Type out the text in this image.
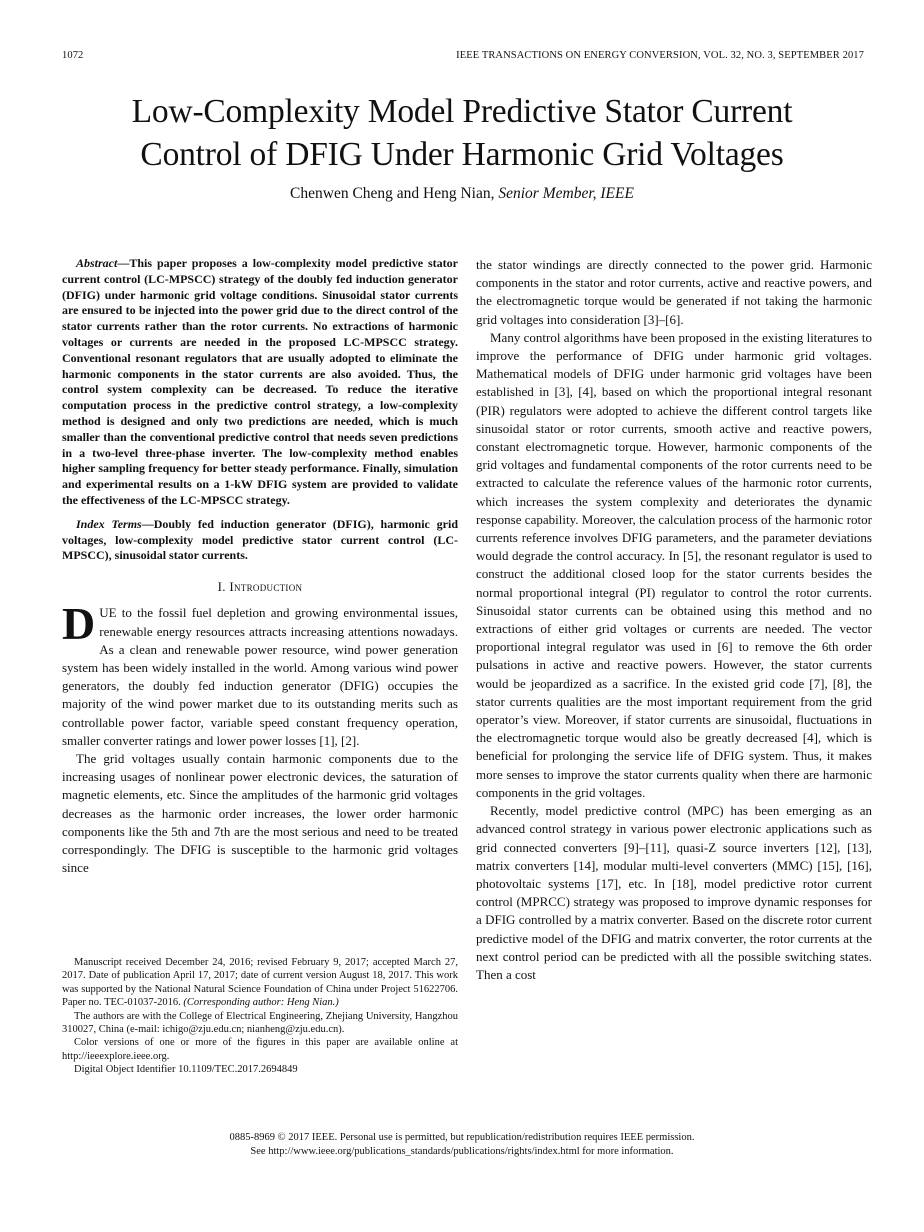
1072	IEEE TRANSACTIONS ON ENERGY CONVERSION, VOL. 32, NO. 3, SEPTEMBER 2017
Low-Complexity Model Predictive Stator Current
Control of DFIG Under Harmonic Grid Voltages
Chenwen Cheng and Heng Nian, Senior Member, IEEE

Abstract—This paper proposes a low-complexity model predictive stator current control (LC-MPSCC) strategy of the doubly fed induction generator (DFIG) under harmonic grid voltage conditions. Sinusoidal stator currents are ensured to be injected into the power grid due to the direct control of the stator currents rather than the rotor currents. No extractions of harmonic voltages or currents are needed in the proposed LC-MPSCC strategy. Conventional resonant regulators that are usually adopted to eliminate the harmonic components in the stator currents are also avoided. Thus, the control system complexity can be decreased. To reduce the iterative computation process in the predictive control strategy, a low-complexity method is designed and only two predictions are needed, which is much smaller than the conventional predictive control that needs seven predictions in a two-level three-phase inverter. The low-complexity method enables higher sampling frequency for better steady performance. Finally, simulation and experimental results on a 1-kW DFIG system are provided to validate the effectiveness of the LC-MPSCC strategy.

Index Terms—Doubly fed induction generator (DFIG), harmonic grid voltages, low-complexity model predictive stator current control (LC-MPSCC), sinusoidal stator currents.

I. Introduction

DUE to the fossil fuel depletion and growing environmental issues, renewable energy resources attracts increasing attentions nowadays. As a clean and renewable power resource, wind power generation system has been widely installed in the world. Among various wind power generators, the doubly fed induction generator (DFIG) occupies the majority of the wind power market due to its outstanding merits such as controllable power factor, variable speed constant frequency operation, smaller converter ratings and lower power losses [1], [2].

The grid voltages usually contain harmonic components due to the increasing usages of nonlinear power electronic devices, the saturation of magnetic elements, etc. Since the amplitudes of the harmonic grid voltages decreases as the harmonic order increases, the lower order harmonic components like the 5th and 7th are the most serious and need to be treated correspondingly. The DFIG is susceptible to the harmonic grid voltages since

the stator windings are directly connected to the power grid. Harmonic components in the stator and rotor currents, active and reactive powers, and the electromagnetic torque would be generated if not taking the harmonic grid voltages into consideration [3]–[6].

Many control algorithms have been proposed in the existing literatures to improve the performance of DFIG under harmonic grid voltages. Mathematical models of DFIG under harmonic grid voltages have been established in [3], [4], based on which the proportional integral resonant (PIR) regulators were adopted to achieve the different control targets like sinusoidal stator or rotor currents, smooth active and reactive powers, constant electromagnetic torque. However, harmonic components of the grid voltages and fundamental components of the rotor currents need to be extracted to calculate the reference values of the harmonic rotor currents, which increases the system complexity and deteriorates the dynamic response capability. Moreover, the calculation process of the harmonic rotor currents reference involves DFIG parameters, and the parameter deviations would degrade the control accuracy. In [5], the resonant regulator is used to construct the additional closed loop for the stator currents besides the normal proportional integral (PI) regulator to control the rotor currents. Sinusoidal stator currents can be obtained using this method and no extractions of either grid voltages or currents are needed. The vector proportional integral regulator was used in [6] to remove the 6th order pulsations in active and reactive powers. However, the stator currents would be jeopardized as a sacrifice. In the existed grid code [7], [8], the stator currents qualities are the most important requirement from the grid operator’s view. Moreover, if stator currents are sinusoidal, fluctuations in the electromagnetic torque would also be greatly decreased [4], which is beneficial for prolonging the service life of DFIG system. Thus, it makes more senses to improve the stator currents quality when there are harmonic components in the grid voltages.

Recently, model predictive control (MPC) has been emerging as an advanced control strategy in various power electronic applications such as grid connected converters [9]–[11], quasi-Z source inverters [12], [13], matrix converters [14], modular multi-level converters (MMC) [15], [16], photovoltaic systems [17], etc. In [18], model predictive rotor current control (MPRCC) strategy was proposed to improve dynamic responses for a DFIG controlled by a matrix converter. Based on the discrete rotor current predictive model of the DFIG and matrix converter, the rotor currents at the next control period can be predicted with all the possible switching states. Then a cost

Manuscript received December 24, 2016; revised February 9, 2017; accepted March 27, 2017. Date of publication April 17, 2017; date of current version August 18, 2017. This work was supported by the National Natural Science Foundation of China under Project 51622706. Paper no. TEC-01037-2016. (Corresponding author: Heng Nian.)

The authors are with the College of Electrical Engineering, Zhejiang University, Hangzhou 310027, China (e-mail: ichigo@zju.edu.cn; nianheng@zju.edu.cn).

Color versions of one or more of the figures in this paper are available online at http://ieeexplore.ieee.org.

Digital Object Identifier 10.1109/TEC.2017.2694849

0885-8969 © 2017 IEEE. Personal use is permitted, but republication/redistribution requires IEEE permission.
See http://www.ieee.org/publications_standards/publications/rights/index.html for more information.
